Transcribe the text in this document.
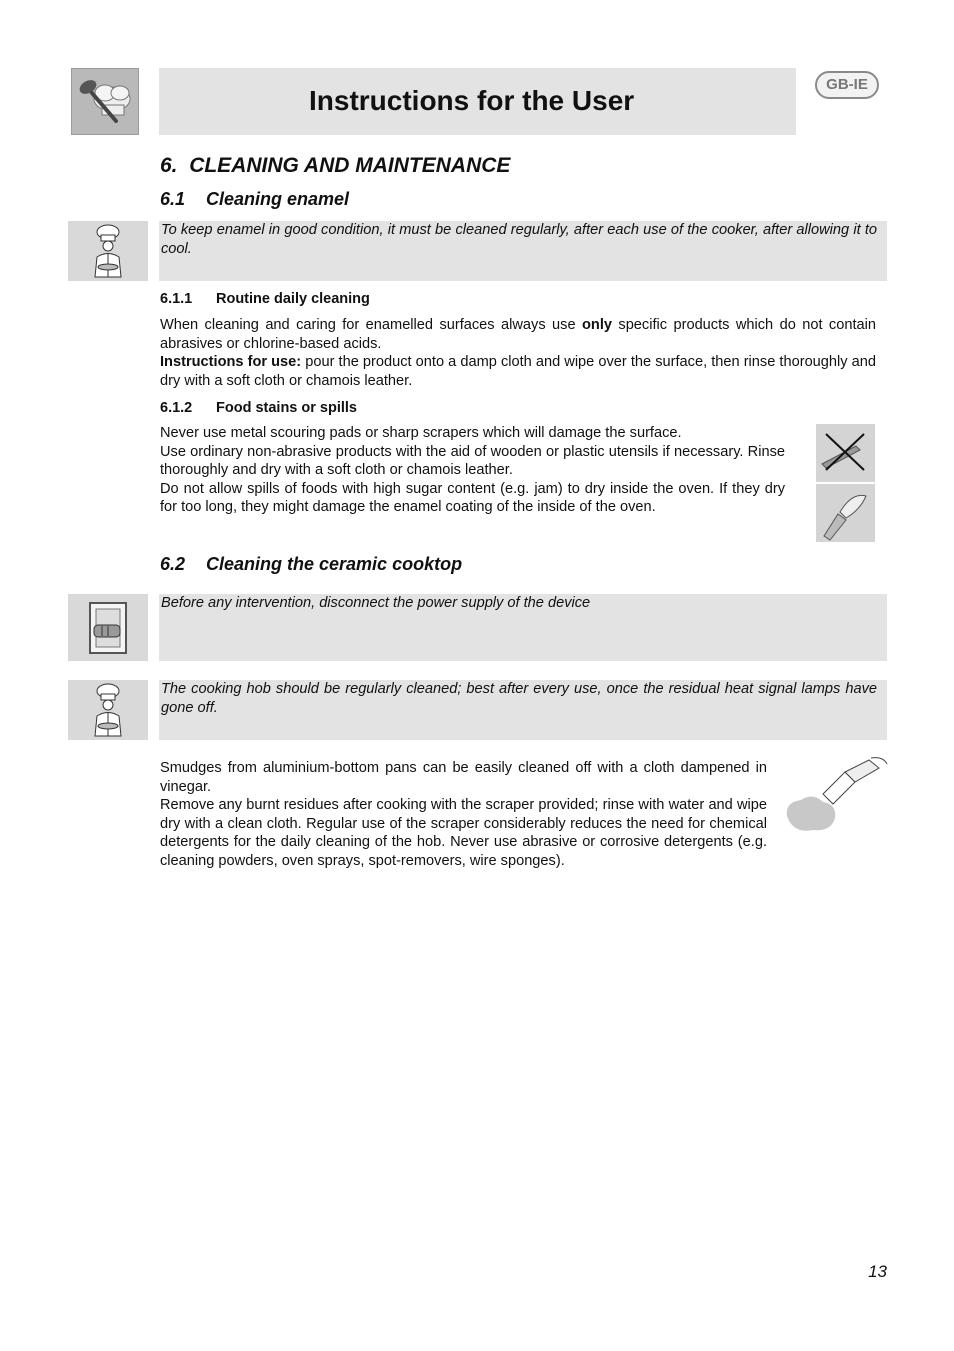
Instructions for the User
GB-IE
6. CLEANING AND MAINTENANCE
6.1 Cleaning enamel
To keep enamel in good condition, it must be cleaned regularly, after each use of the cooker, after allowing it to cool.
6.1.1 Routine daily cleaning

When cleaning and caring for enamelled surfaces always use only specific products which do not contain abrasives or chlorine-based acids.

Instructions for use: pour the product onto a damp cloth and wipe over the surface, then rinse thoroughly and dry with a soft cloth or chamois leather.

6.1.2 Food stains or spills

Never use metal scouring pads or sharp scrapers which will damage the surface.

Use ordinary non-abrasive products with the aid of wooden or plastic utensils if necessary. Rinse thoroughly and dry with a soft cloth or chamois leather.

Do not allow spills of foods with high sugar content (e.g. jam) to dry inside the oven. If they dry for too long, they might damage the enamel coating of the inside of the oven.

6.2 Cleaning the ceramic cooktop
Before any intervention, disconnect the power supply of the device
The cooking hob should be regularly cleaned; best after every use, once the residual heat signal lamps have gone off.

Smudges from aluminium-bottom pans can be easily cleaned off with a cloth dampened in vinegar.

Remove any burnt residues after cooking with the scraper provided; rinse with water and wipe dry with a clean cloth. Regular use of the scraper considerably reduces the need for chemical detergents for the daily cleaning of the hob. Never use abrasive or corrosive detergents (e.g. cleaning powders, oven sprays, spot-removers, wire sponges).

13
